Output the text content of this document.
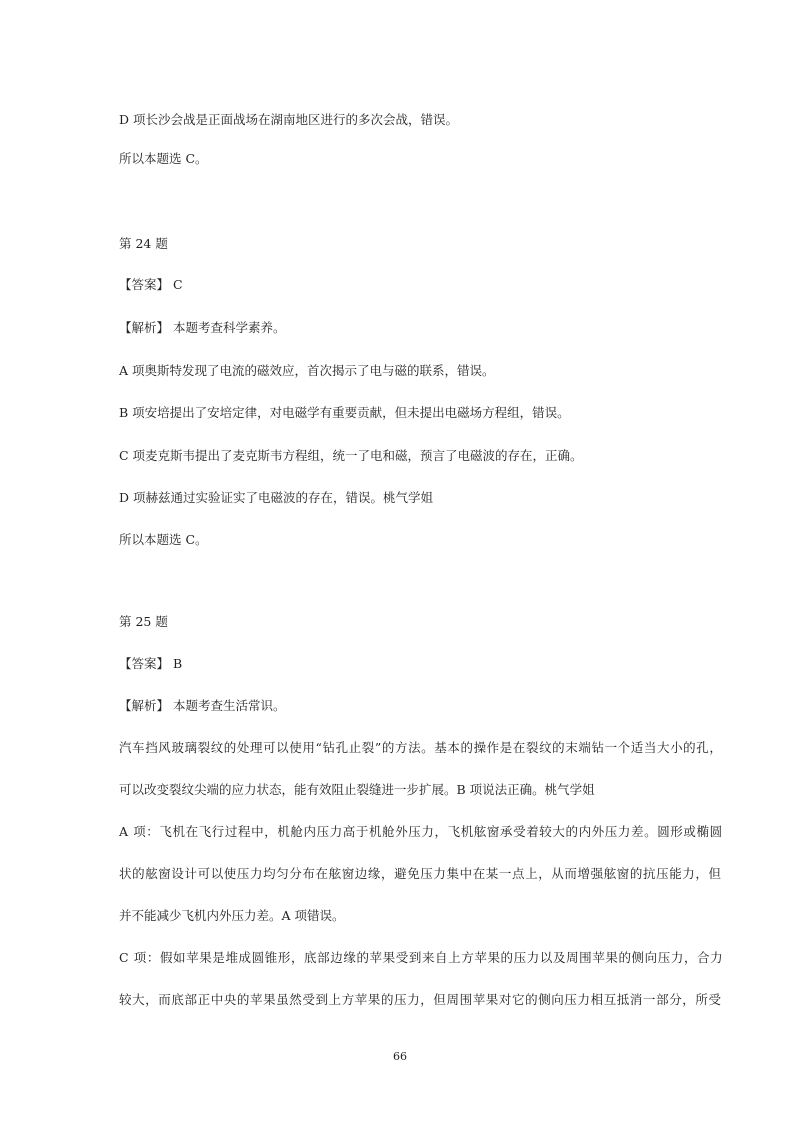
D 项长沙会战是正面战场在湖南地区进行的多次会战，错误。

所以本题选 C。

第 24 题

【答案】 C

【解析】 本题考查科学素养。

A 项奥斯特发现了电流的磁效应，首次揭示了电与磁的联系，错误。

B 项安培提出了安培定律，对电磁学有重要贡献，但未提出电磁场方程组，错误。

C 项麦克斯韦提出了麦克斯韦方程组，统一了电和磁，预言了电磁波的存在，正确。

D 项赫兹通过实验证实了电磁波的存在，错误。桃气学姐

所以本题选 C。

第 25 题

【答案】 B

【解析】 本题考查生活常识。

汽车挡风玻璃裂纹的处理可以使用“钻孔止裂”的方法。基本的操作是在裂纹的末端钻一个适当大小的孔，

可以改变裂纹尖端的应力状态，能有效阻止裂缝进一步扩展。B 项说法正确。桃气学姐

A 项：飞机在飞行过程中，机舱内压力高于机舱外压力，飞机舷窗承受着较大的内外压力差。圆形或椭圆

状的舷窗设计可以使压力均匀分布在舷窗边缘，避免压力集中在某一点上，从而增强舷窗的抗压能力，但

并不能减少飞机内外压力差。A 项错误。

C 项：假如苹果是堆成圆锥形，底部边缘的苹果受到来自上方苹果的压力以及周围苹果的侧向压力，合力

较大，而底部正中央的苹果虽然受到上方苹果的压力，但周围苹果对它的侧向压力相互抵消一部分，所受

66
